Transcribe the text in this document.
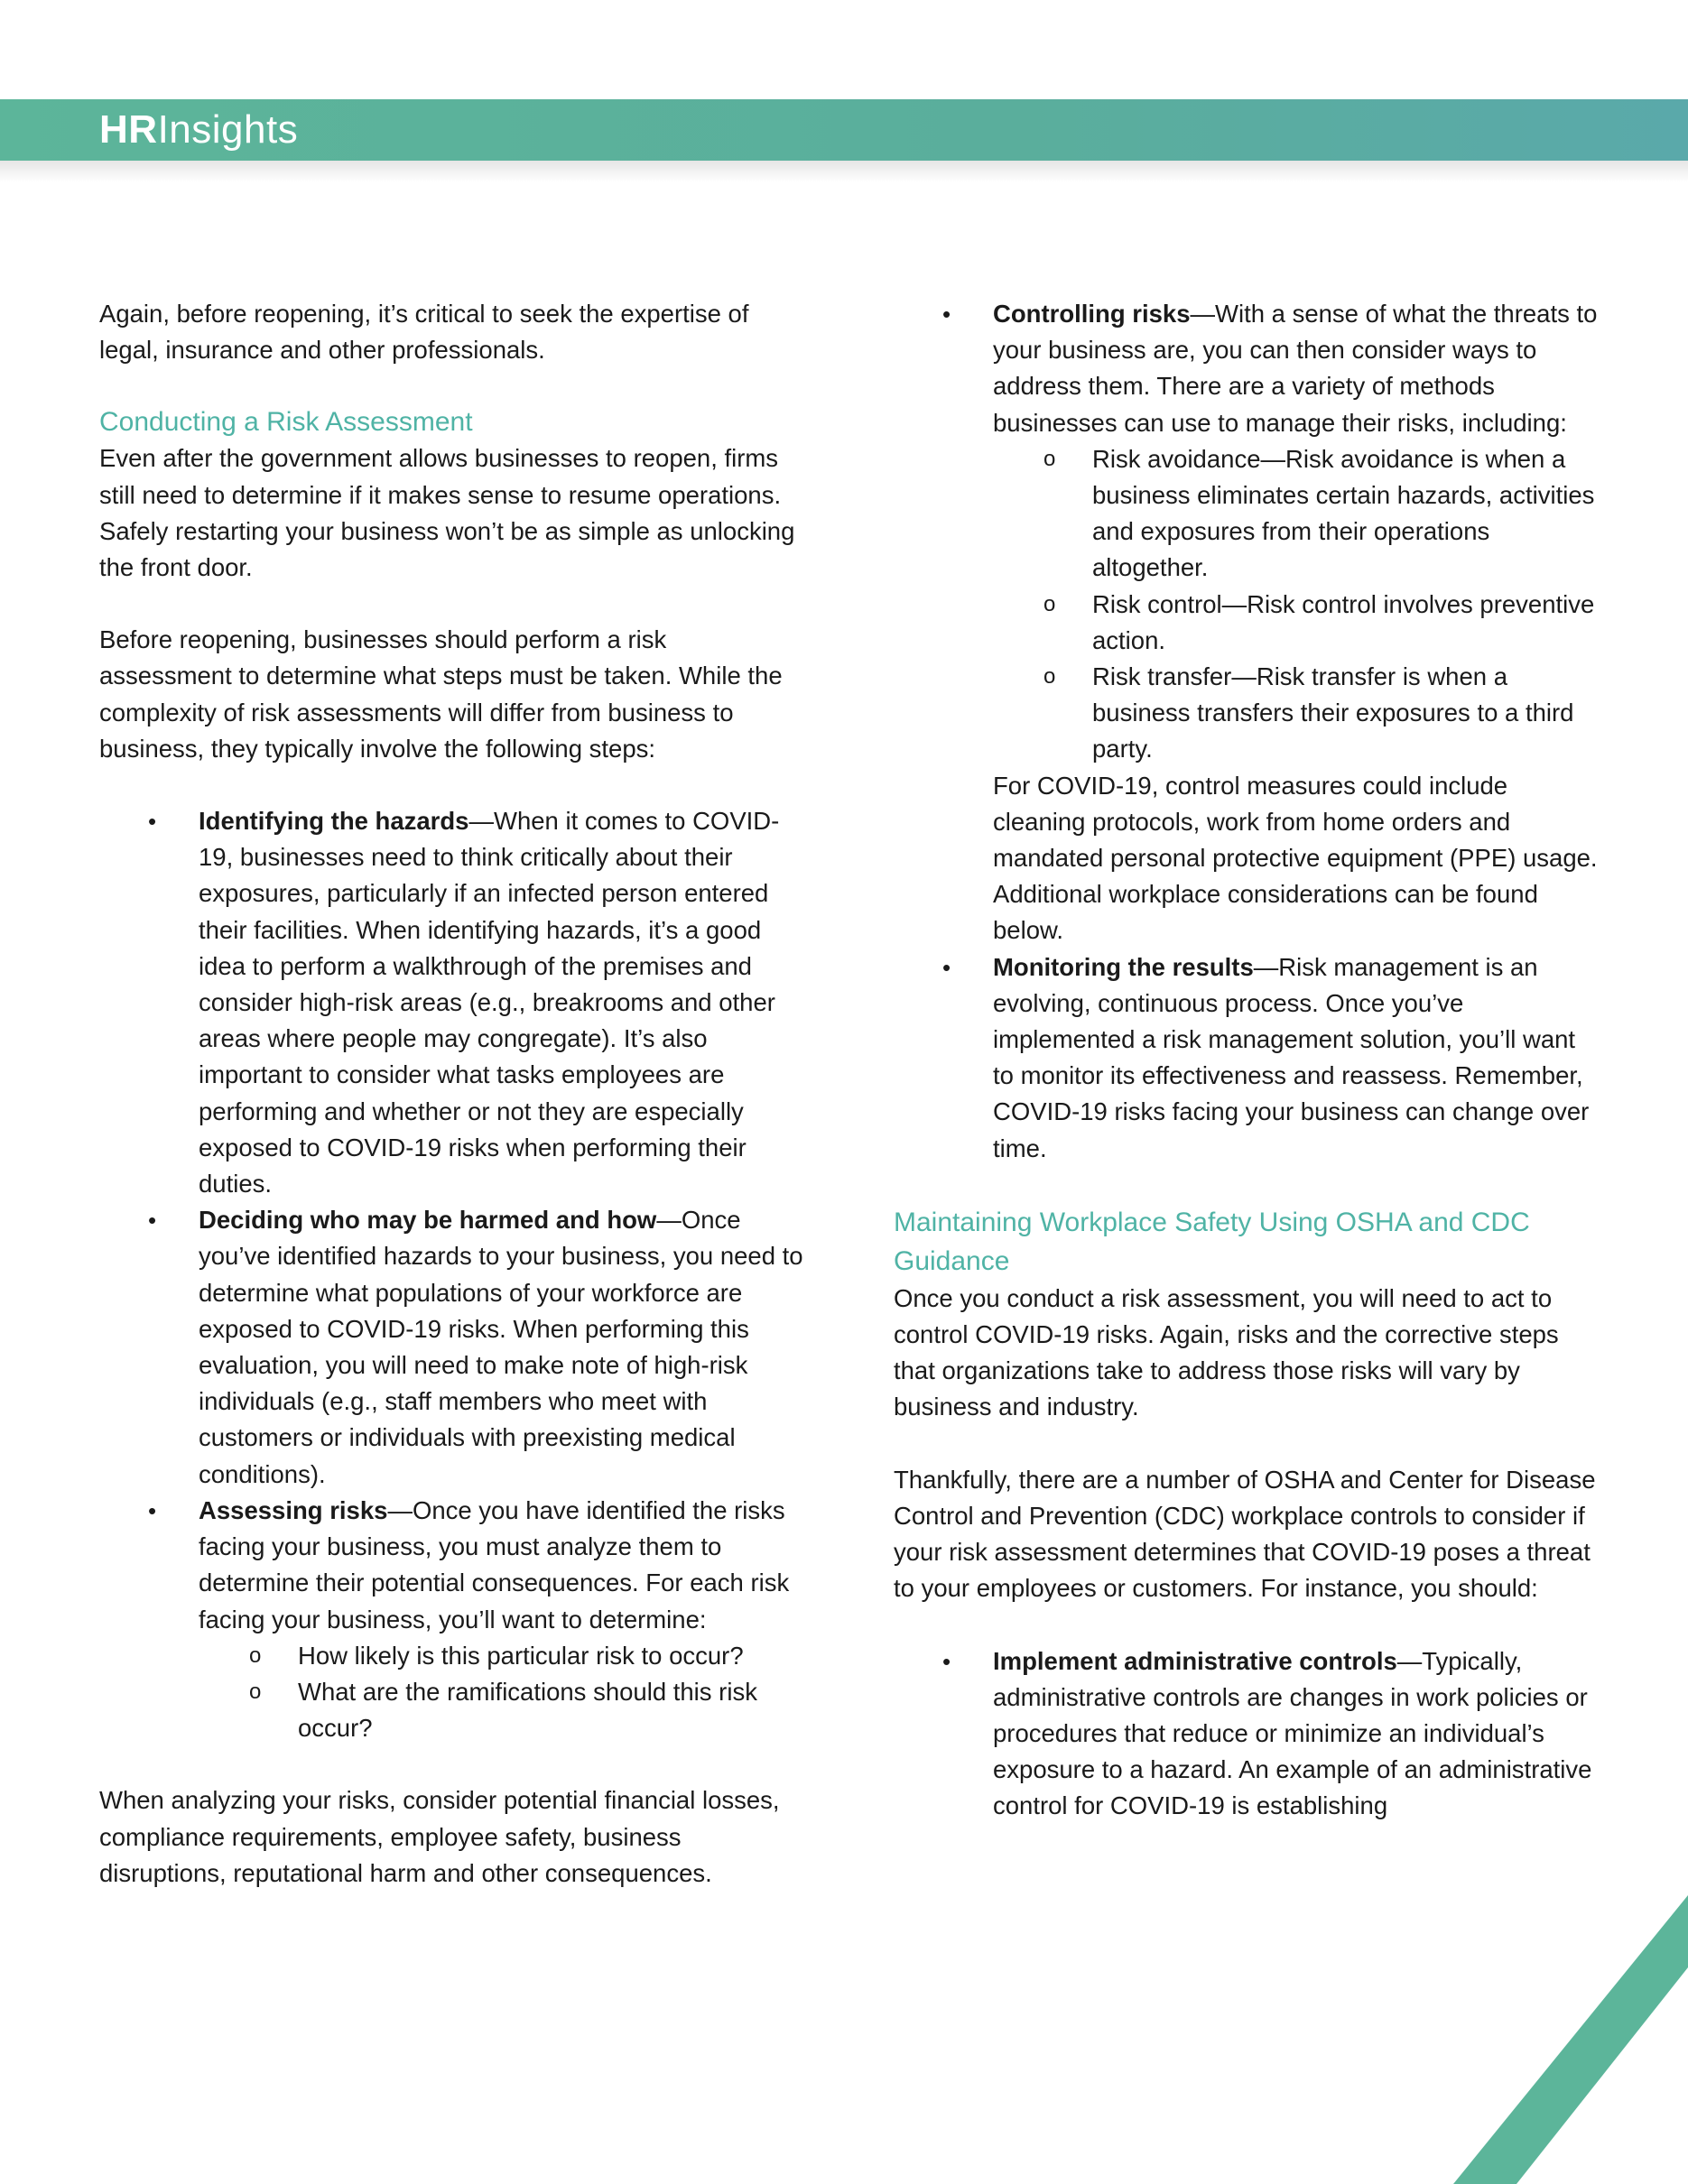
HRInsights

Again, before reopening, it’s critical to seek the expertise of legal, insurance and other professionals.

Conducting a Risk Assessment

Even after the government allows businesses to reopen, firms still need to determine if it makes sense to resume operations. Safely restarting your business won’t be as simple as unlocking the front door.

Before reopening, businesses should perform a risk assessment to determine what steps must be taken. While the complexity of risk assessments will differ from business to business, they typically involve the following steps:

• Identifying the hazards—When it comes to COVID-19, businesses need to think critically about their exposures, particularly if an infected person entered their facilities. When identifying hazards, it’s a good idea to perform a walkthrough of the premises and consider high-risk areas (e.g., breakrooms and other areas where people may congregate). It’s also important to consider what tasks employees are performing and whether or not they are especially exposed to COVID-19 risks when performing their duties.
• Deciding who may be harmed and how—Once you’ve identified hazards to your business, you need to determine what populations of your workforce are exposed to COVID-19 risks. When performing this evaluation, you will need to make note of high-risk individuals (e.g., staff members who meet with customers or individuals with preexisting medical conditions).
• Assessing risks—Once you have identified the risks facing your business, you must analyze them to determine their potential consequences. For each risk facing your business, you’ll want to determine:
o How likely is this particular risk to occur?
o What are the ramifications should this risk occur?

When analyzing your risks, consider potential financial losses, compliance requirements, employee safety, business disruptions, reputational harm and other consequences.

• Controlling risks—With a sense of what the threats to your business are, you can then consider ways to address them. There are a variety of methods businesses can use to manage their risks, including:
o Risk avoidance—Risk avoidance is when a business eliminates certain hazards, activities and exposures from their operations altogether.
o Risk control—Risk control involves preventive action.
o Risk transfer—Risk transfer is when a business transfers their exposures to a third party.

For COVID-19, control measures could include cleaning protocols, work from home orders and mandated personal protective equipment (PPE) usage. Additional workplace considerations can be found below.

• Monitoring the results—Risk management is an evolving, continuous process. Once you’ve implemented a risk management solution, you’ll want to monitor its effectiveness and reassess. Remember, COVID-19 risks facing your business can change over time.
Maintaining Workplace Safety Using OSHA and CDC Guidance

Once you conduct a risk assessment, you will need to act to control COVID-19 risks. Again, risks and the corrective steps that organizations take to address those risks will vary by business and industry.

Thankfully, there are a number of OSHA and Center for Disease Control and Prevention (CDC) workplace controls to consider if your risk assessment determines that COVID-19 poses a threat to your employees or customers. For instance, you should:

• Implement administrative controls—Typically, administrative controls are changes in work policies or procedures that reduce or minimize an individual’s exposure to a hazard. An example of an administrative control for COVID-19 is establishing
